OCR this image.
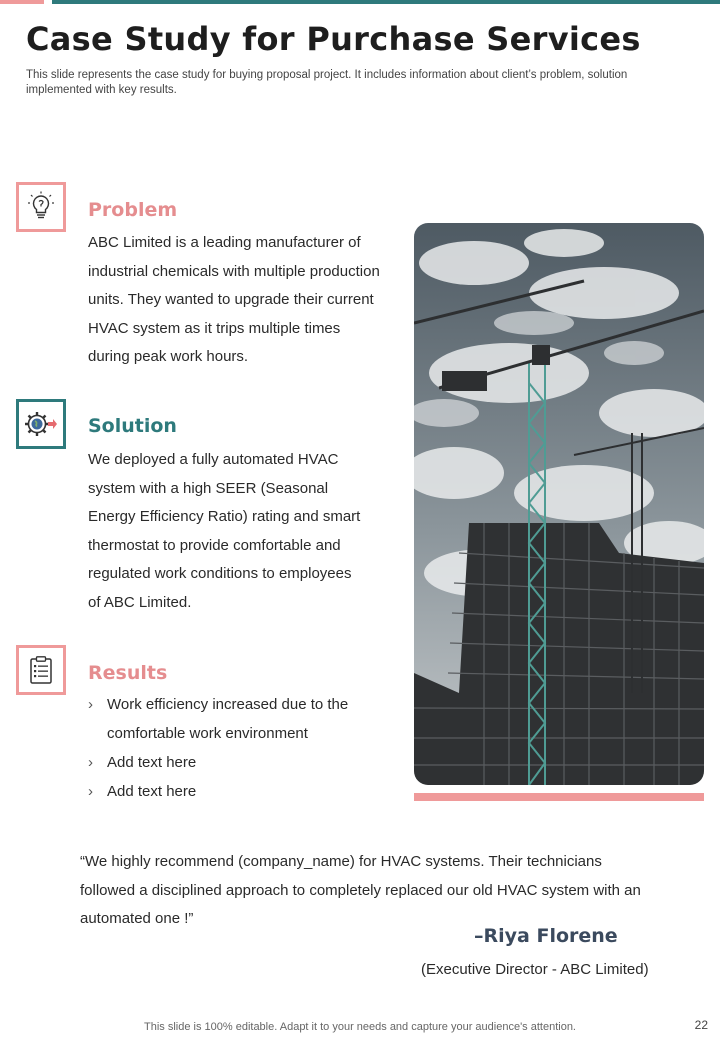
Case Study for Purchase Services

This slide represents the case study for buying proposal project. It includes information about client’s problem, solution implemented with key results.

Problem
ABC Limited is a leading manufacturer of
industrial chemicals with multiple production
units. They wanted to upgrade their current
HVAC system as it trips multiple times
during peak work hours.
Solution
We deployed a fully automated HVAC
system with a high SEER (Seasonal
Energy Efficiency Ratio) rating and smart
thermostat to provide comfortable and
regulated work conditions to employees
of ABC Limited.
Results
› Work efficiency increased due to the
comfortable work environment
› Add text here
› Add text here
“We highly recommend (company_name) for HVAC systems. Their technicians
followed a disciplined approach to completely replaced our old HVAC system with an
automated one !”

–Riya Florene

(Executive Director - ABC Limited)

This slide is 100% editable. Adapt it to your needs and capture your audience's attention.	22
